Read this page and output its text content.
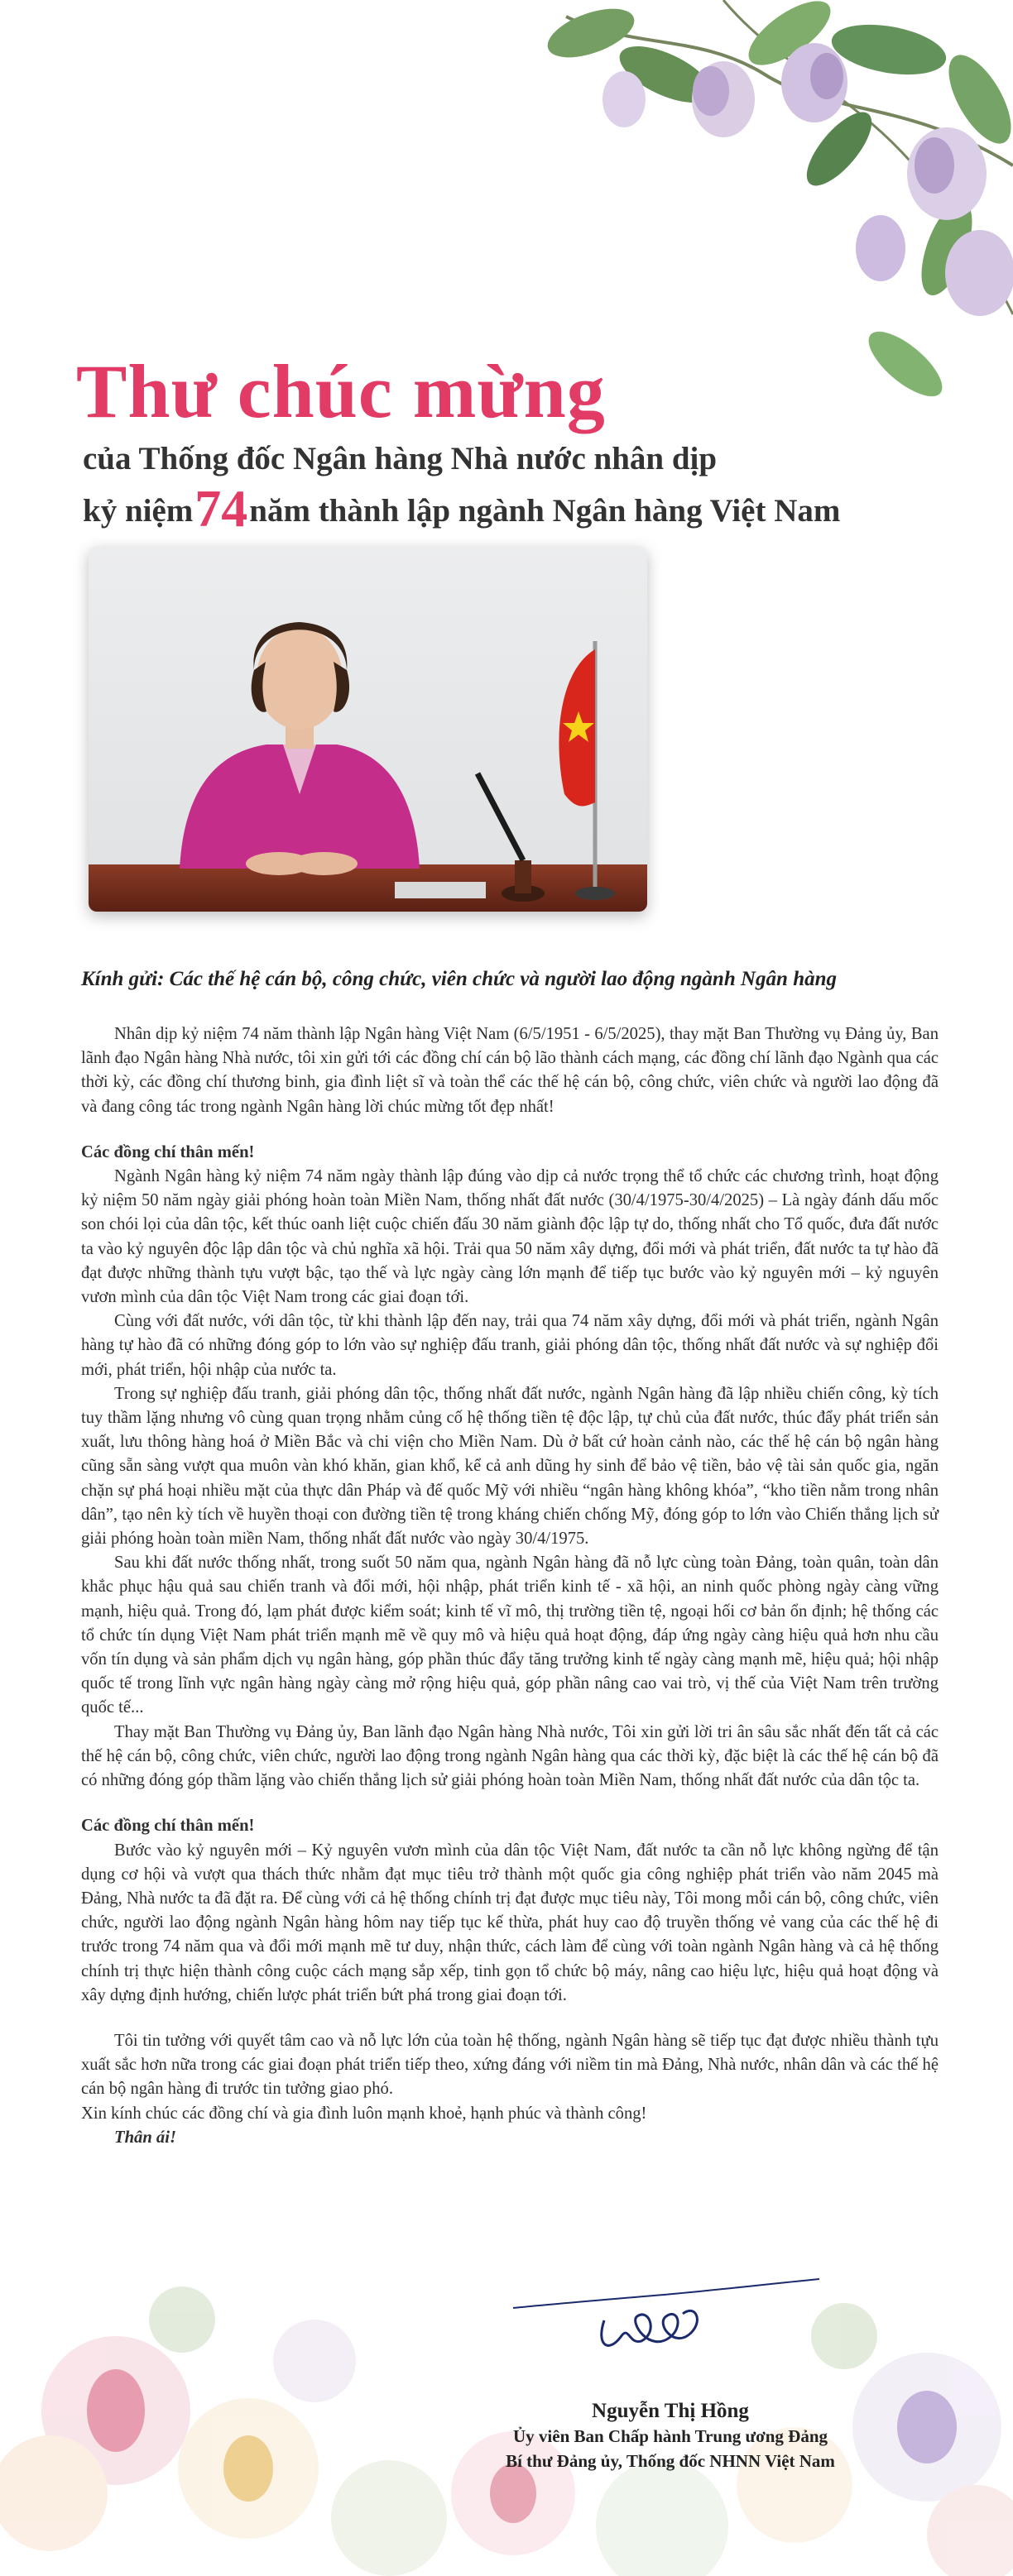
Thư chúc mừng
của Thống đốc Ngân hàng Nhà nước nhân dịp
kỷ niệm74năm thành lập ngành Ngân hàng Việt Nam
Kính gửi: Các thế hệ cán bộ, công chức, viên chức và người lao động ngành Ngân hàng

Nhân dịp kỷ niệm 74 năm thành lập Ngân hàng Việt Nam (6/5/1951 - 6/5/2025), thay mặt Ban Thường vụ Đảng ủy, Ban lãnh đạo Ngân hàng Nhà nước, tôi xin gửi tới các đồng chí cán bộ lão thành cách mạng, các đồng chí lãnh đạo Ngành qua các thời kỳ, các đồng chí thương binh, gia đình liệt sĩ và toàn thể các thế hệ cán bộ, công chức, viên chức và người lao động đã và đang công tác trong ngành Ngân hàng lời chúc mừng tốt đẹp nhất!

Các đồng chí thân mến!

Ngành Ngân hàng kỷ niệm 74 năm ngày thành lập đúng vào dịp cả nước trọng thể tổ chức các chương trình, hoạt động kỷ niệm 50 năm ngày giải phóng hoàn toàn Miền Nam, thống nhất đất nước (30/4/1975-30/4/2025) – Là ngày đánh dấu mốc son chói lọi của dân tộc, kết thúc oanh liệt cuộc chiến đấu 30 năm giành độc lập tự do, thống nhất cho Tổ quốc, đưa đất nước ta vào kỷ nguyên độc lập dân tộc và chủ nghĩa xã hội. Trải qua 50 năm xây dựng, đổi mới và phát triển, đất nước ta tự hào đã đạt được những thành tựu vượt bậc, tạo thế và lực ngày càng lớn mạnh để tiếp tục bước vào kỷ nguyên mới – kỷ nguyên vươn mình của dân tộc Việt Nam trong các giai đoạn tới.

Cùng với đất nước, với dân tộc, từ khi thành lập đến nay, trải qua 74 năm xây dựng, đổi mới và phát triển, ngành Ngân hàng tự hào đã có những đóng góp to lớn vào sự nghiệp đấu tranh, giải phóng dân tộc, thống nhất đất nước và sự nghiệp đổi mới, phát triển, hội nhập của nước ta.

Trong sự nghiệp đấu tranh, giải phóng dân tộc, thống nhất đất nước, ngành Ngân hàng đã lập nhiều chiến công, kỳ tích tuy thầm lặng nhưng vô cùng quan trọng nhằm củng cố hệ thống tiền tệ độc lập, tự chủ của đất nước, thúc đẩy phát triển sản xuất, lưu thông hàng hoá ở Miền Bắc và chi viện cho Miền Nam. Dù ở bất cứ hoàn cảnh nào, các thế hệ cán bộ ngân hàng cũng sẵn sàng vượt qua muôn vàn khó khăn, gian khổ, kể cả anh dũng hy sinh để bảo vệ tiền, bảo vệ tài sản quốc gia, ngăn chặn sự phá hoại nhiều mặt của thực dân Pháp và đế quốc Mỹ với nhiều “ngân hàng không khóa”, “kho tiền nằm trong nhân dân”, tạo nên kỳ tích về huyền thoại con đường tiền tệ trong kháng chiến chống Mỹ, đóng góp to lớn vào Chiến thắng lịch sử giải phóng hoàn toàn miền Nam, thống nhất đất nước vào ngày 30/4/1975.

Sau khi đất nước thống nhất, trong suốt 50 năm qua, ngành Ngân hàng đã nỗ lực cùng toàn Đảng, toàn quân, toàn dân khắc phục hậu quả sau chiến tranh và đổi mới, hội nhập, phát triển kinh tế - xã hội, an ninh quốc phòng ngày càng vững mạnh, hiệu quả. Trong đó, lạm phát được kiểm soát; kinh tế vĩ mô, thị trường tiền tệ, ngoại hối cơ bản ổn định; hệ thống các tổ chức tín dụng Việt Nam phát triển mạnh mẽ về quy mô và hiệu quả hoạt động, đáp ứng ngày càng hiệu quả hơn nhu cầu vốn tín dụng và sản phẩm dịch vụ ngân hàng, góp phần thúc đẩy tăng trưởng kinh tế ngày càng mạnh mẽ, hiệu quả; hội nhập quốc tế trong lĩnh vực ngân hàng ngày càng mở rộng hiệu quả, góp phần nâng cao vai trò, vị thế của Việt Nam trên trường quốc tế...

Thay mặt Ban Thường vụ Đảng ủy, Ban lãnh đạo Ngân hàng Nhà nước, Tôi xin gửi lời tri ân sâu sắc nhất đến tất cả các thế hệ cán bộ, công chức, viên chức, người lao động trong ngành Ngân hàng qua các thời kỳ, đặc biệt là các thế hệ cán bộ đã có những đóng góp thầm lặng vào chiến thắng lịch sử giải phóng hoàn toàn Miền Nam, thống nhất đất nước của dân tộc ta.

Các đồng chí thân mến!

Bước vào kỷ nguyên mới – Kỷ nguyên vươn mình của dân tộc Việt Nam, đất nước ta cần nỗ lực không ngừng để tận dụng cơ hội và vượt qua thách thức nhằm đạt mục tiêu trở thành một quốc gia công nghiệp phát triển vào năm 2045 mà Đảng, Nhà nước ta đã đặt ra. Để cùng với cả hệ thống chính trị đạt được mục tiêu này, Tôi mong mỗi cán bộ, công chức, viên chức, người lao động ngành Ngân hàng hôm nay tiếp tục kế thừa, phát huy cao độ truyền thống vẻ vang của các thế hệ đi trước trong 74 năm qua và đổi mới mạnh mẽ tư duy, nhận thức, cách làm để cùng với toàn ngành Ngân hàng và cả hệ thống chính trị thực hiện thành công cuộc cách mạng sắp xếp, tinh gọn tổ chức bộ máy, nâng cao hiệu lực, hiệu quả hoạt động và xây dựng định hướng, chiến lược phát triển bứt phá trong giai đoạn tới.

Tôi tin tưởng với quyết tâm cao và nỗ lực lớn của toàn hệ thống, ngành Ngân hàng sẽ tiếp tục đạt được nhiều thành tựu xuất sắc hơn nữa trong các giai đoạn phát triển tiếp theo, xứng đáng với niềm tin mà Đảng, Nhà nước, nhân dân và các thế hệ cán bộ ngân hàng đi trước tin tưởng giao phó.

Xin kính chúc các đồng chí và gia đình luôn mạnh khoẻ, hạnh phúc và thành công!

Thân ái!

Nguyễn Thị Hồng
Ủy viên Ban Chấp hành Trung ương Đảng
Bí thư Đảng ủy, Thống đốc NHNN Việt Nam
